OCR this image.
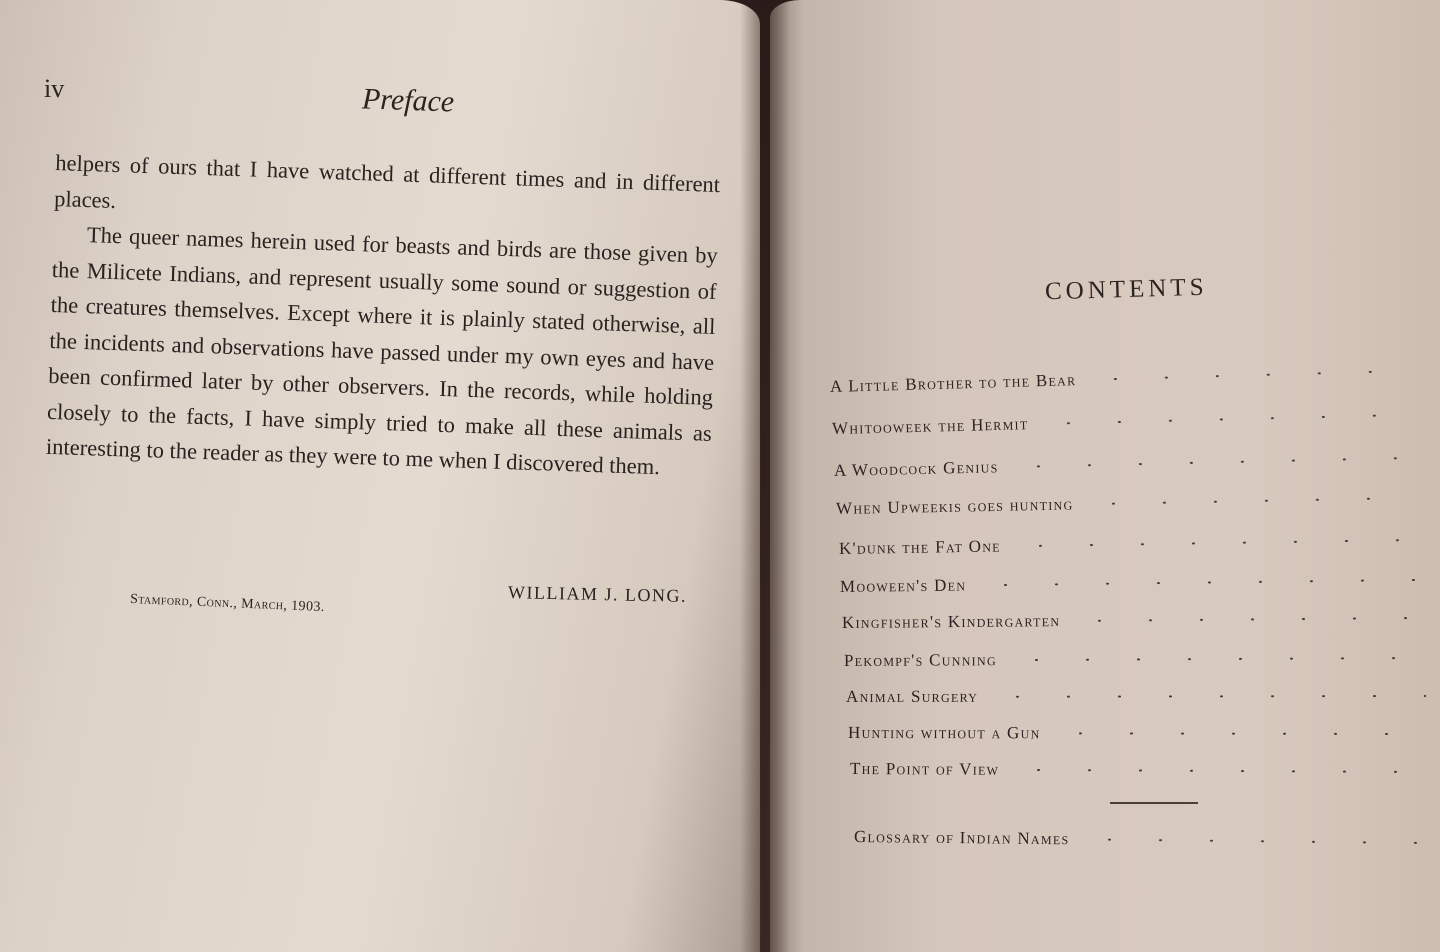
iv	Preface

helpers of ours that I have watched at different times and in different places.

The queer names herein used for beasts and birds are those given by the Milicete Indians, and represent usually some sound or suggestion of the creatures themselves. Except where it is plainly stated otherwise, all the incidents and observations have passed under my own eyes and have been confirmed later by other observers. In the records, while holding closely to the facts, I have simply tried to make all these animals as interesting to the reader as they were to me when I discovered them.

WILLIAM J. LONG.
Stamford, Conn., March, 1903.
CONTENTS
A Little Brother to the Bear
Whitooweek the Hermit
A Woodcock Genius
When Upweekis goes hunting
K'dunk the Fat One
Mooween's Den
Kingfisher's Kindergarten
Pekompf's Cunning
Animal Surgery
Hunting without a Gun
The Point of View
Glossary of Indian Names
